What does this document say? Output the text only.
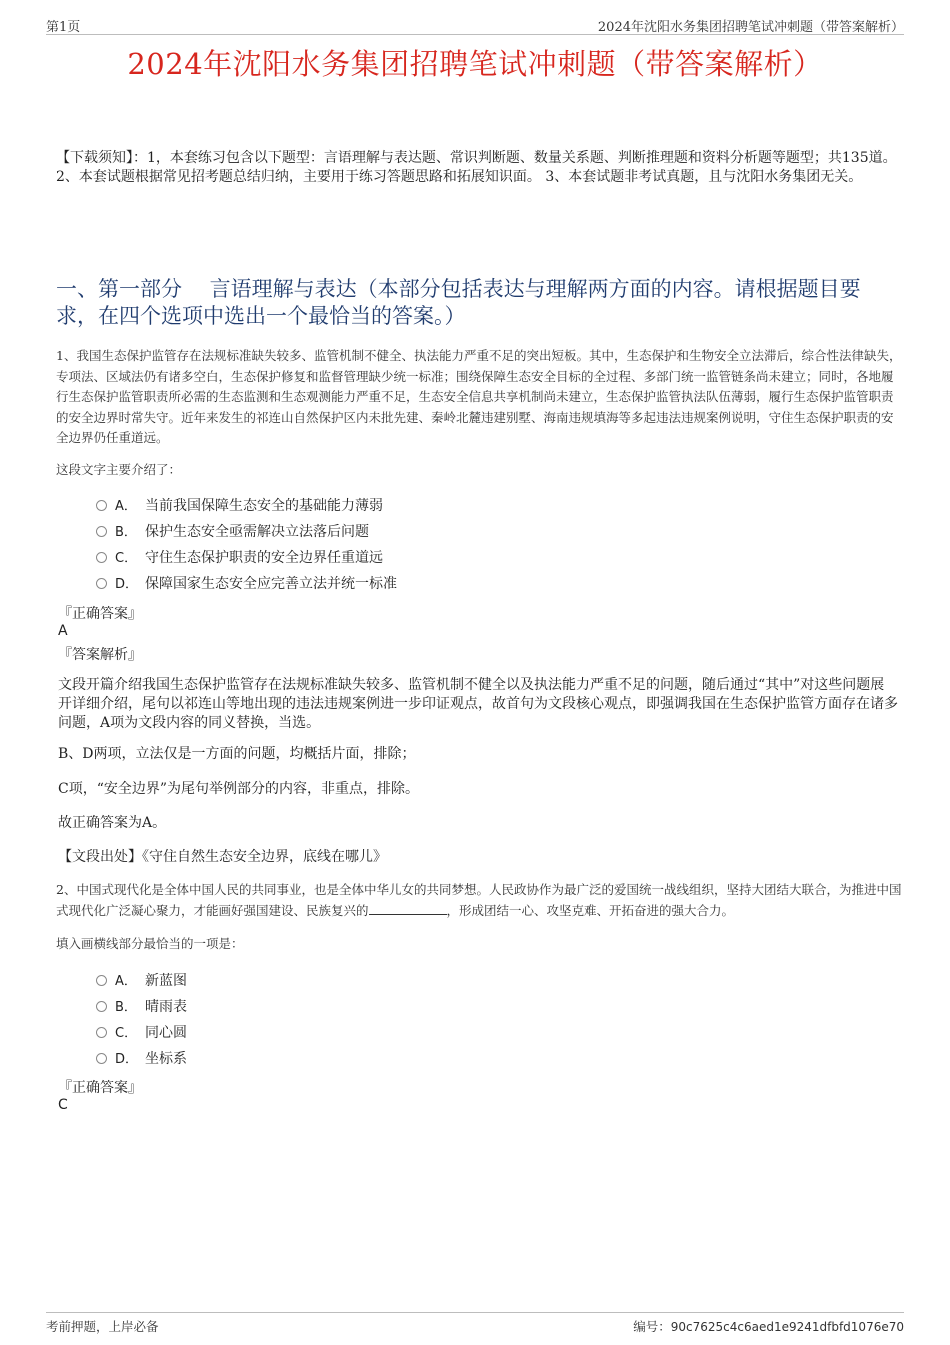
第1页	2024年沈阳水务集团招聘笔试冲刺题（带答案解析）
2024年沈阳水务集团招聘笔试冲刺题（带答案解析）
【下载须知】：1，本套练习包含以下题型：言语理解与表达题、常识判断题、数量关系题、判断推理题和资料分析题等题型；共135道。 2、本套试题根据常见招考题总结归纳，主要用于练习答题思路和拓展知识面。 3、本套试题非考试真题，且与沈阳水务集团无关。
一、第一部分　 言语理解与表达（本部分包括表达与理解两方面的内容。请根据题目要求，在四个选项中选出一个最恰当的答案。）
1、我国生态保护监管存在法规标准缺失较多、监管机制不健全、执法能力严重不足的突出短板。其中，生态保护和生物安全立法滞后，综合性法律缺失，专项法、区域法仍有诸多空白，生态保护修复和监督管理缺少统一标准；围绕保障生态安全目标的全过程、多部门统一监管链条尚未建立；同时，各地履行生态保护监管职责所必需的生态监测和生态观测能力严重不足，生态安全信息共享机制尚未建立，生态保护监管执法队伍薄弱，履行生态保护监管职责的安全边界时常失守。近年来发生的祁连山自然保护区内未批先建、秦岭北麓违建别墅、海南违规填海等多起违法违规案例说明，守住生态保护职责的安全边界仍任重道远。
这段文字主要介绍了：
A． 当前我国保障生态安全的基础能力薄弱
B． 保护生态安全亟需解决立法落后问题
C． 守住生态保护职责的安全边界任重道远
D． 保障国家生态安全应完善立法并统一标准
『正确答案』
A
『答案解析』
文段开篇介绍我国生态保护监管存在法规标准缺失较多、监管机制不健全以及执法能力严重不足的问题，随后通过“其中”对这些问题展开详细介绍，尾句以祁连山等地出现的违法违规案例进一步印证观点，故首句为文段核心观点，即强调我国在生态保护监管方面存在诸多问题，A项为文段内容的同义替换，当选。
B、D两项，立法仅是一方面的问题，均概括片面，排除；
C项，“安全边界”为尾句举例部分的内容，非重点，排除。
故正确答案为A。
【文段出处】《守住自然生态安全边界，底线在哪儿》
2、中国式现代化是全体中国人民的共同事业，也是全体中华儿女的共同梦想。人民政协作为最广泛的爱国统一战线组织，坚持大团结大联合，为推进中国式现代化广泛凝心聚力，才能画好强国建设、民族复兴的	，形成团结一心、攻坚克难、开拓奋进的强大合力。
填入画横线部分最恰当的一项是：
A． 新蓝图
B． 晴雨表
C． 同心圆
D． 坐标系
『正确答案』
C
考前押题，上岸必备	编号：90c7625c4c6aed1e9241dfbfd1076e70
